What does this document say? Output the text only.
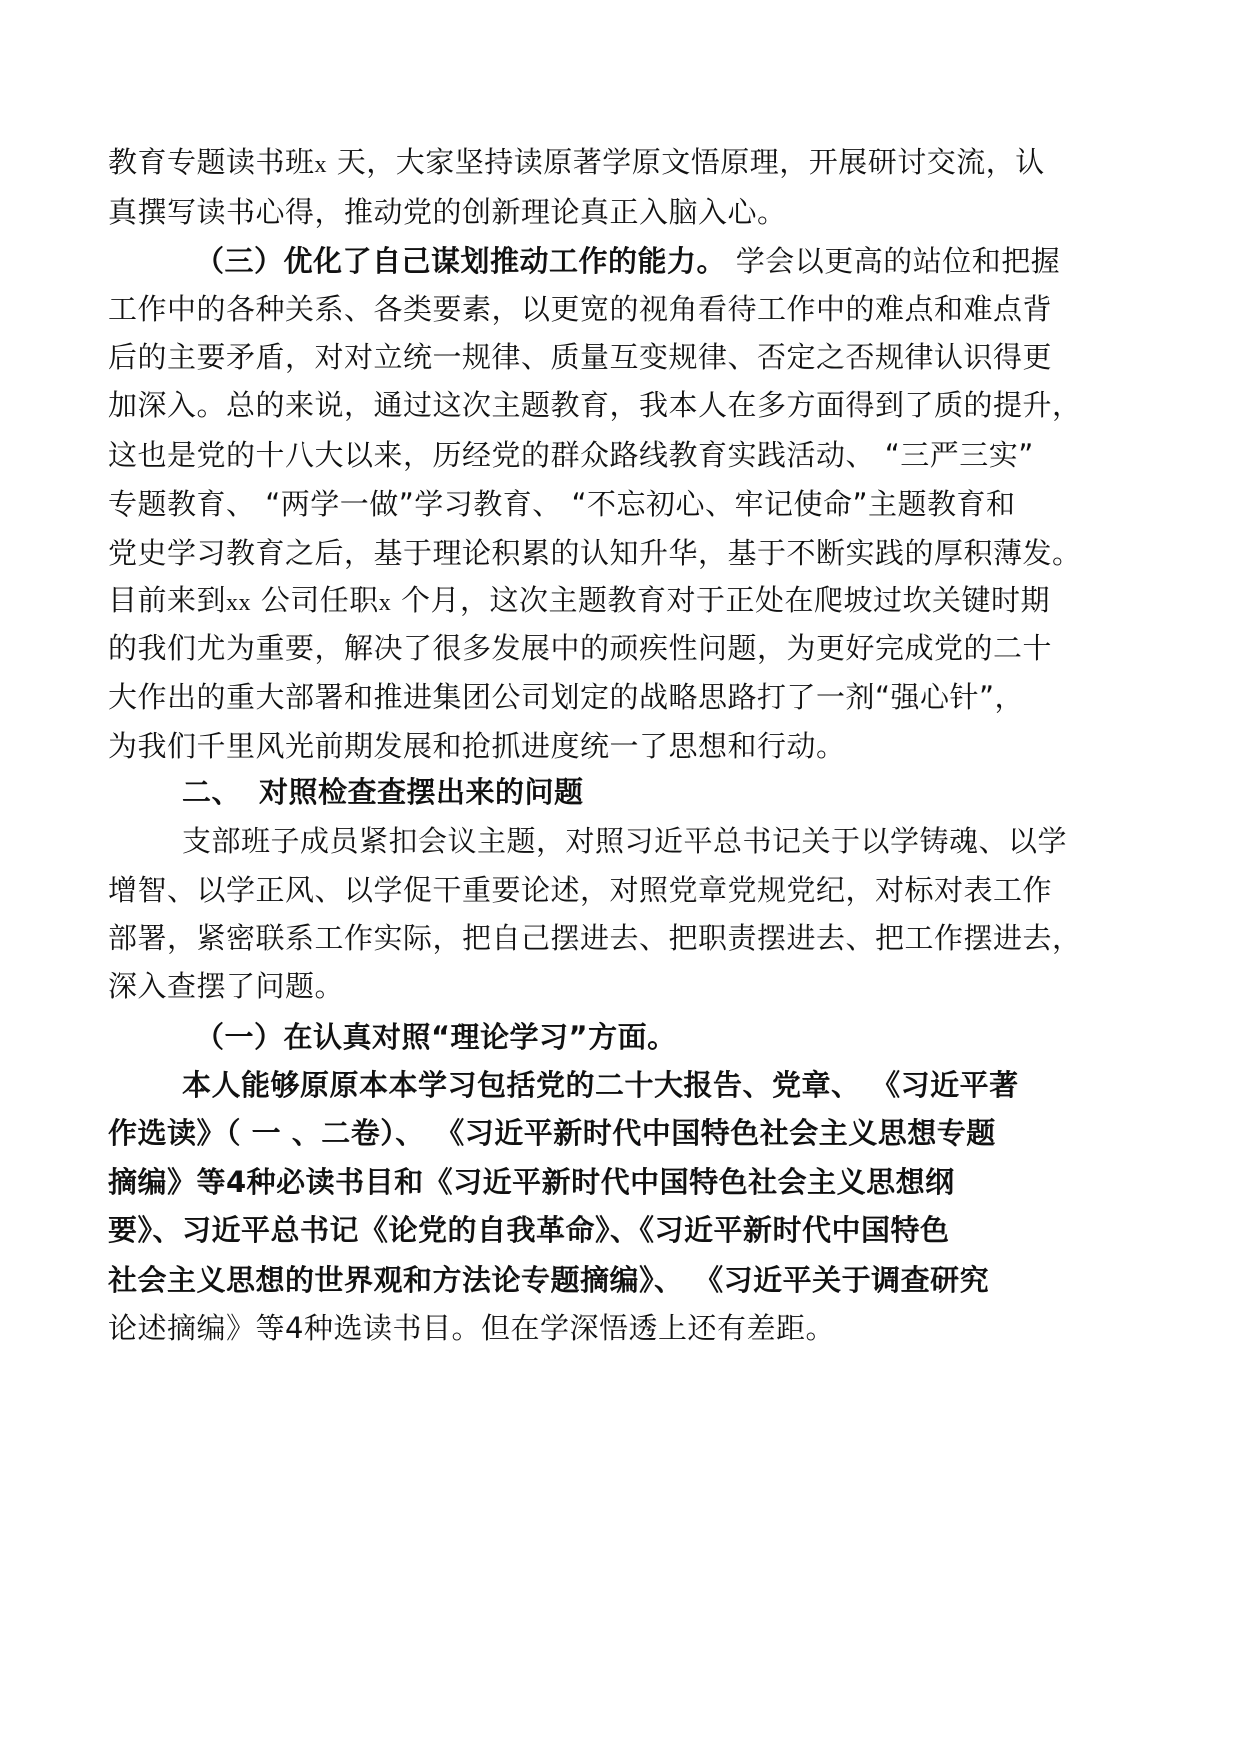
教育专题读书班x 天，大家坚持读原著学原文悟原理，开展研讨交流，认
真撰写读书心得，推动党的创新理论真正入脑入心。
（三）优化了自己谋划推动工作的能力。 学会以更高的站位和把握
工作中的各种关系、各类要素，以更宽的视角看待工作中的难点和难点背
后的主要矛盾，对对立统一规律、质量互变规律、否定之否规律认识得更
加深入。总的来说，通过这次主题教育，我本人在多方面得到了质的提升，
这也是党的十八大以来，历经党的群众路线教育实践活动、 “三严三实”
专题教育、 “两学一做”学习教育、 “不忘初心、牢记使命”主题教育和
党史学习教育之后，基于理论积累的认知升华，基于不断实践的厚积薄发。
目前来到xx 公司任职x 个月，这次主题教育对于正处在爬坡过坎关键时期
的我们尤为重要，解决了很多发展中的顽疾性问题，为更好完成党的二十
大作出的重大部署和推进集团公司划定的战略思路打了一剂“强心针”，
为我们千里风光前期发展和抢抓进度统一了思想和行动。
二、 对照检查查摆出来的问题
支部班子成员紧扣会议主题，对照习近平总书记关于以学铸魂、以学
增智、以学正风、以学促干重要论述，对照党章党规党纪，对标对表工作
部署，紧密联系工作实际，把自己摆进去、把职责摆进去、把工作摆进去，
深入查摆了问题。
（一）在认真对照“理论学习”方面。
本人能够原原本本学习包括党的二十大报告、党章、 《习近平著
作选读》（ 一 、二卷）、 《习近平新时代中国特色社会主义思想专题
摘编》等4种必读书目和《习近平新时代中国特色社会主义思想纲
要》、习近平总书记《论党的自我革命》、《习近平新时代中国特色
社会主义思想的世界观和方法论专题摘编》、 《习近平关于调查研究
论述摘编》等4种选读书目。但在学深悟透上还有差距。
